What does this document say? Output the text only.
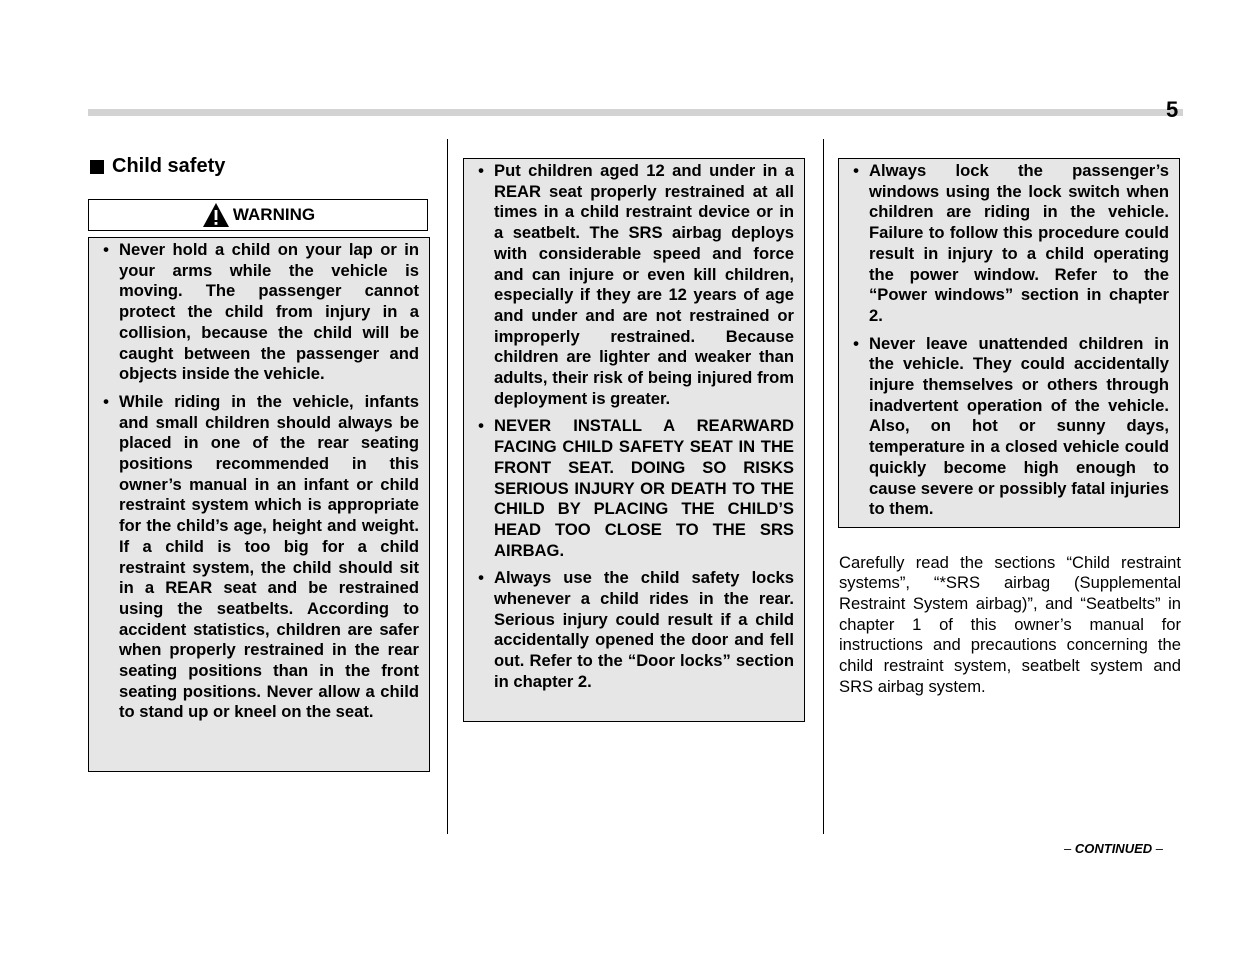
5
Child safety
WARNING
• Never hold a child on your lap or in your arms while the vehicle is moving. The passenger cannot protect the child from injury in a collision, because the child will be caught between the passenger and objects inside the vehicle.
• While riding in the vehicle, infants and small children should always be placed in one of the rear seating positions recommended in this owner’s manual in an infant or child restraint system which is appropriate for the child’s age, height and weight. If a child is too big for a child restraint system, the child should sit in a REAR seat and be restrained using the seatbelts. According to accident statistics, children are safer when properly restrained in the rear seating positions than in the front seating positions. Never allow a child to stand up or kneel on the seat.
• Put children aged 12 and under in a REAR seat properly restrained at all times in a child restraint device or in a seatbelt. The SRS airbag deploys with considerable speed and force and can injure or even kill children, especially if they are 12 years of age and under and are not restrained or improperly restrained. Because children are lighter and weaker than adults, their risk of being injured from deployment is greater.
• NEVER INSTALL A REARWARD FACING CHILD SAFETY SEAT IN THE FRONT SEAT. DOING SO RISKS SERIOUS INJURY OR DEATH TO THE CHILD BY PLACING THE CHILD’S HEAD TOO CLOSE TO THE SRS AIRBAG.
• Always use the child safety locks whenever a child rides in the rear. Serious injury could result if a child accidentally opened the door and fell out. Refer to the “Door locks” section in chapter 2.
• Always lock the passenger’s windows using the lock switch when children are riding in the vehicle. Failure to follow this procedure could result in injury to a child operating the power window. Refer to the “Power windows” section in chapter 2.
• Never leave unattended children in the vehicle. They could accidentally injure themselves or others through inadvertent operation of the vehicle. Also, on hot or sunny days, temperature in a closed vehicle could quickly become high enough to cause severe or possibly fatal injuries to them.

Carefully read the sections “Child restraint systems”, “*SRS airbag (Supplemental Restraint System airbag)”, and “Seatbelts” in chapter 1 of this owner’s manual for instructions and precautions concerning the child restraint system, seatbelt system and SRS airbag system.

– CONTINUED –
